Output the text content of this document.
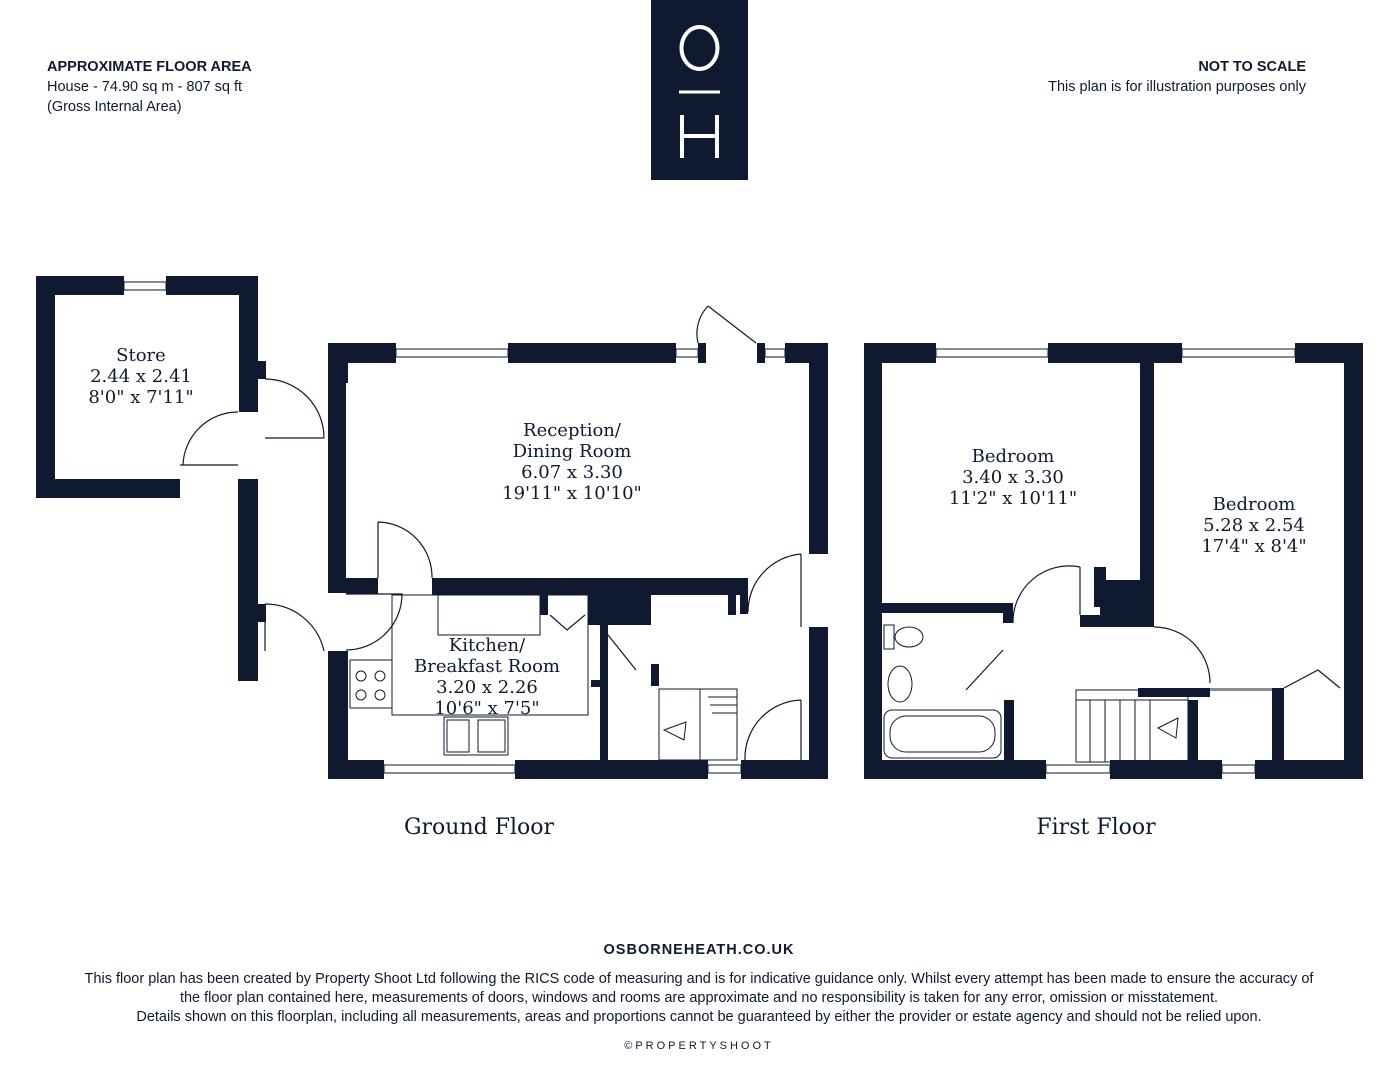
APPROXIMATE FLOOR AREA
House - 74.90 sq m - 807 sq ft
(Gross Internal Area)
NOT TO SCALE
This plan is for illustration purposes only
Store
2.44 x 2.41
8'0" x 7'11"
Reception/
Dining Room
6.07 x 3.30
19'11" x 10'10"
Kitchen/
Breakfast Room
3.20 x 2.26
10'6" x 7'5"
Bedroom
3.40 x 3.30
11'2" x 10'11"	Bedroom
5.28 x 2.54
17'4" x 8'4"
Ground Floor	First Floor
OSBORNEHEATH.CO.UK
This floor plan has been created by Property Shoot Ltd following the RICS code of measuring and is for indicative guidance only. Whilst every attempt has been made to ensure the accuracy of
the floor plan contained here, measurements of doors, windows and rooms are approximate and no responsibility is taken for any error, omission or misstatement.
Details shown on this floorplan, including all measurements, areas and proportions cannot be guaranteed by either the provider or estate agency and should not be relied upon.
©PROPERTYSHOOT
